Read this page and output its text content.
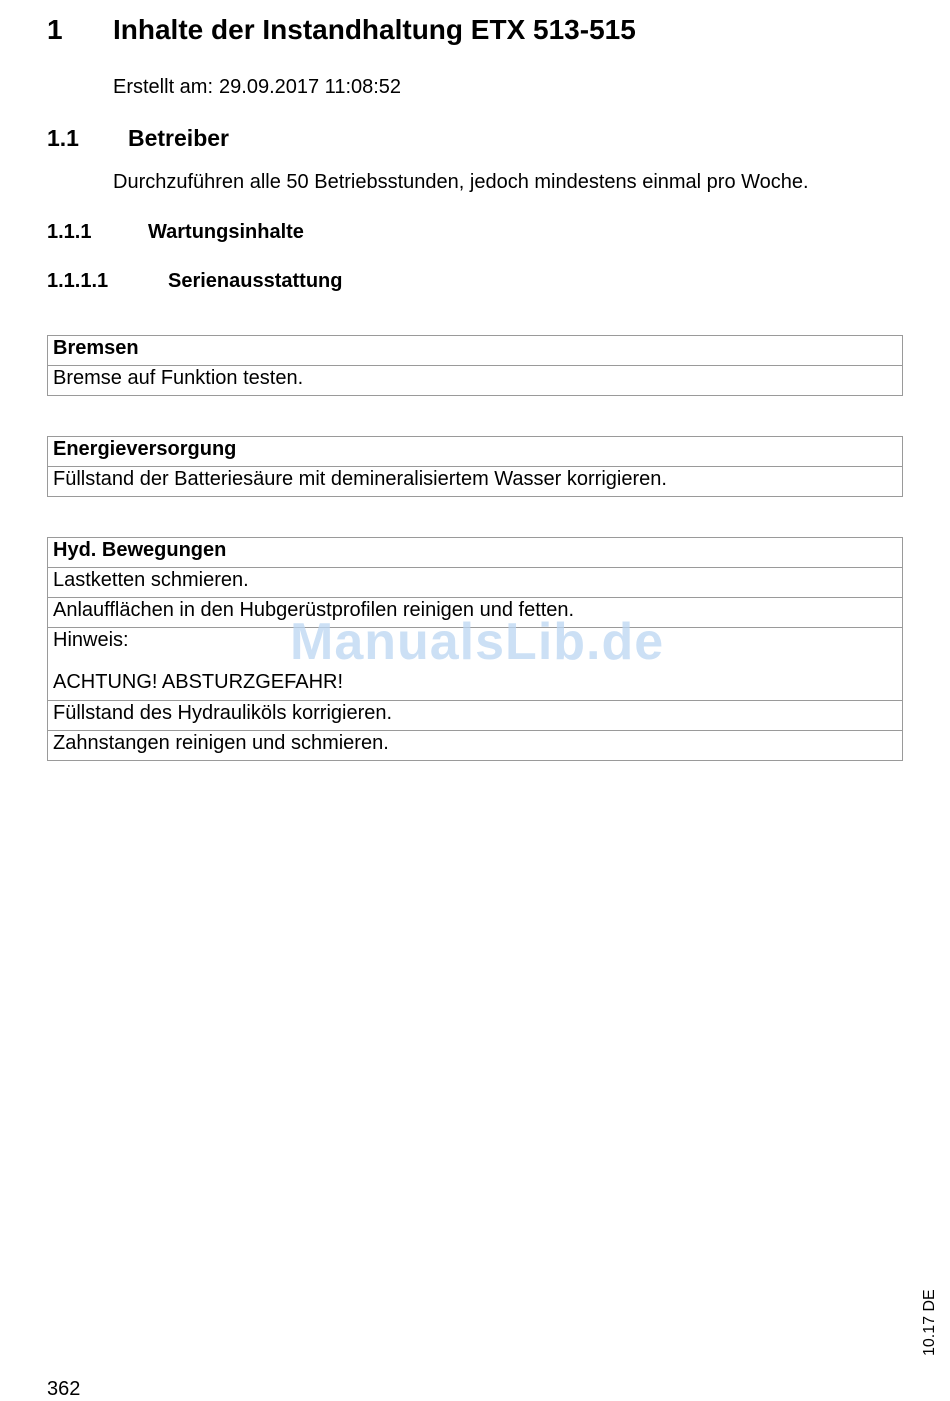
1 Inhalte der Instandhaltung ETX 513-515
Erstellt am: 29.09.2017 11:08:52
1.1 Betreiber
Durchzuführen alle 50 Betriebsstunden, jedoch mindestens einmal pro Woche.
1.1.1	Wartungsinhalte
1.1.1.1	Serienausstattung
Bremsen
Bremse auf Funktion testen.
Energieversorgung
Füllstand der Batteriesäure mit demineralisiertem Wasser korrigieren.
Hyd. Bewegungen
Lastketten schmieren.
Anlaufflächen in den Hubgerüstprofilen reinigen und fetten.
Hinweis:
ACHTUNG! ABSTURZGEFAHR!

Füllstand des Hydrauliköls korrigieren.
Zahnstangen reinigen und schmieren.
ManualsLib.de
10.17 DE
362
